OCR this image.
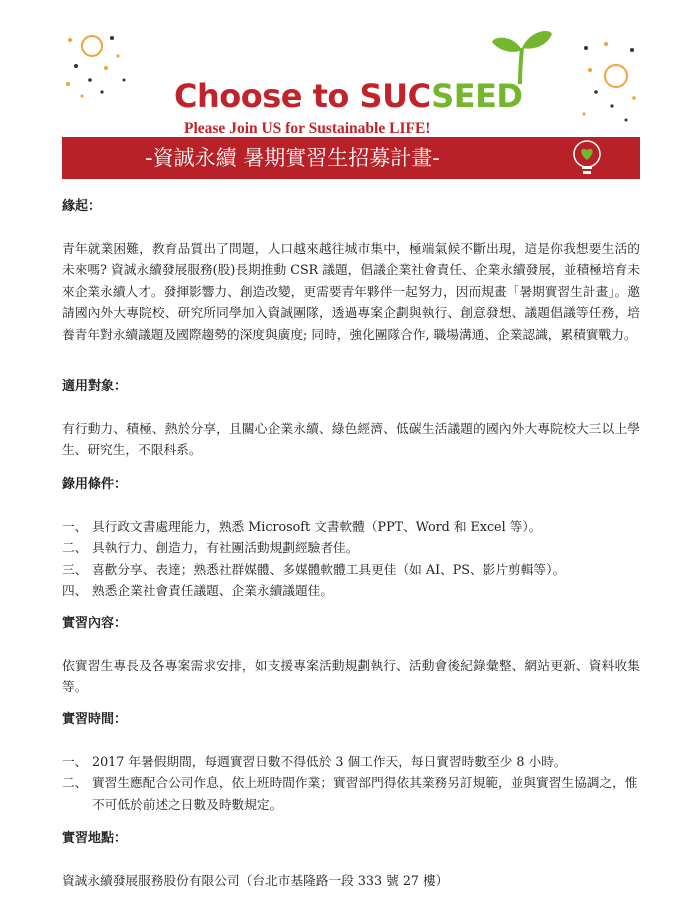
Choose to SUCSEED

Please Join US for Sustainable LIFE!

-資誠永續 暑期實習生招募計畫-
緣起：

青年就業困難，教育品質出了問題，人口越來越往城市集中，極端氣候不斷出現，這是你我想要生活的未來嗎? 資誠永續發展服務(股)長期推動 CSR 議題，倡議企業社會責任、企業永續發展，並積極培育未來企業永續人才。發揮影響力、創造改變，更需要青年夥伴一起努力，因而規畫「暑期實習生計畫」。邀請國內外大專院校、研究所同學加入資誠團隊，透過專案企劃與執行、創意發想、議題倡議等任務，培養青年對永續議題及國際趨勢的深度與廣度; 同時，強化團隊合作, 職場溝通、企業認識，累積實戰力。

適用對象：

有行動力、積極、熱於分享，且關心企業永續、綠色經濟、低碳生活議題的國內外大專院校大三以上學生、研究生，不限科系。

錄用條件：
一、 具行政文書處理能力，熟悉 Microsoft 文書軟體（PPT、Word 和 Excel 等）。
二、 具執行力、創造力，有社團活動規劃經驗者佳。
三、 喜歡分享、表達；熟悉社群媒體、多媒體軟體工具更佳（如 AI、PS、影片剪輯等）。
四、 熟悉企業社會責任議題、企業永續議題佳。
實習內容：

依實習生專長及各專案需求安排，如支援專案活動規劃執行、活動會後紀錄彙整、網站更新、資料收集等。

實習時間：
一、 2017 年暑假期間，每週實習日數不得低於 3 個工作天，每日實習時數至少 8 小時。
二、 實習生應配合公司作息，依上班時間作業；實習部門得依其業務另訂規範，並與實習生協調之，惟不可低於前述之日數及時數規定。
實習地點：

資誠永續發展服務股份有限公司（台北市基隆路一段 333 號 27 樓）
